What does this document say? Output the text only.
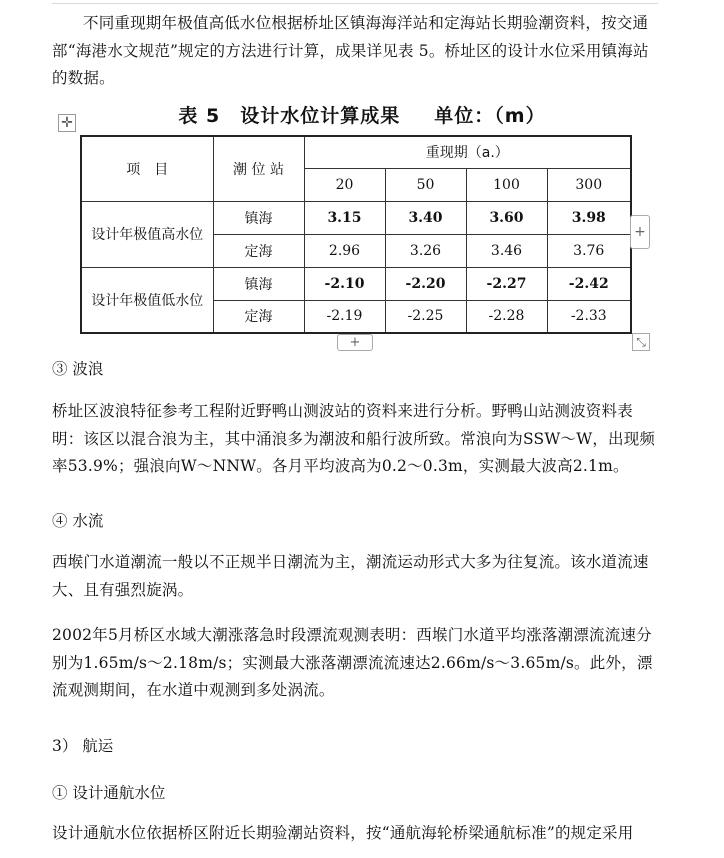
不同重现期年极值高低水位根据桥址区镇海海洋站和定海站长期验潮资料，按交通部“海港水文规范”规定的方法进行计算，成果详见表 5。桥址区的设计水位采用镇海站的数据。

表 5 设计水位计算成果 单位：（m）
✛
项　目	潮 位 站	重现期（a.）			
		20	50	100	300
设计年极值高水位	镇海	3.15	3.40	3.60	3.98
	定海	2.96	3.26	3.46	3.76
设计年极值低水位	镇海	-2.10	-2.20	-2.27	-2.42
	定海	-2.19	-2.25	-2.28	-2.33
+
+	⤡
③ 波浪

桥址区波浪特征参考工程附近野鸭山测波站的资料来进行分析。野鸭山站测波资料表明：该区以混合浪为主，其中涌浪多为潮波和船行波所致。常浪向为SSW～W，出现频率53.9%；强浪向W～NNW。各月平均波高为0.2～0.3m，实测最大波高2.1m。

④ 水流

西堠门水道潮流一般以不正规半日潮流为主，潮流运动形式大多为往复流。该水道流速大、且有强烈旋涡。

2002年5月桥区水域大潮涨落急时段漂流观测表明：西堠门水道平均涨落潮漂流流速分别为1.65m/s～2.18m/s；实测最大涨落潮漂流流速达2.66m/s～3.65m/s。此外，漂流观测期间，在水道中观测到多处涡流。

3） 航运
① 设计通航水位

设计通航水位依据桥区附近长期验潮站资料，按“通航海轮桥梁通航标准”的规定采用
